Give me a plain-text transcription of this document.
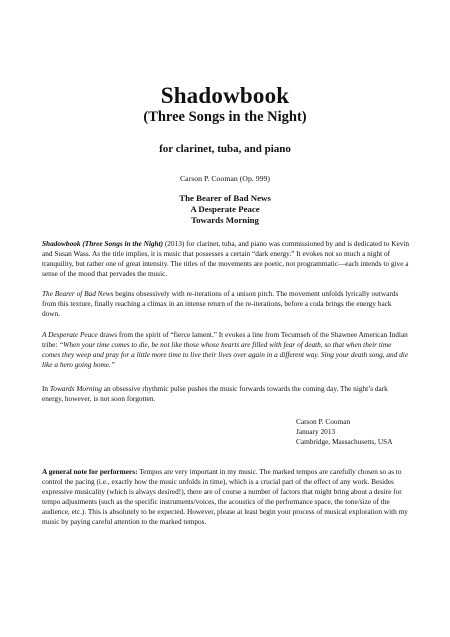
Shadowbook
(Three Songs in the Night)

for clarinet, tuba, and piano

Carson P. Cooman (Op. 999)

The Bearer of Bad News
A Desperate Peace
Towards Morning

Shadowbook (Three Songs in the Night) (2013) for clarinet, tuba, and piano was commissioned by and is dedicated to Kevin and Susan Wass. As the title implies, it is music that possesses a certain “dark energy.” It evokes not so much a night of tranquility, but rather one of great intensity. The titles of the movements are poetic, not programmatic—each intends to give a sense of the mood that pervades the music.

The Bearer of Bad News begins obsessively with re-iterations of a unison pitch. The movement unfolds lyrically outwards from this texture, finally reaching a climax in an intense return of the re-iterations, before a coda brings the energy back down.

A Desperate Peace draws from the spirit of “fierce lament.” It evokes a line from Tecumseh of the Shawnee American Indian tribe: “When your time comes to die, be not like those whose hearts are filled with fear of death, so that when their time comes they weep and pray for a little more time to live their lives over again in a different way. Sing your death song, and die like a hero going home.”

In Towards Morning an obsessive rhythmic pulse pushes the music forwards towards the coming day. The night’s dark energy, however, is not soon forgotten.

Carson P. Cooman
January 2013
Cambridge, Massachusetts, USA

A general note for performers: Tempos are very important in my music. The marked tempos are carefully chosen so as to control the pacing (i.e., exactly how the music unfolds in time), which is a crucial part of the effect of any work. Besides expressive musicality (which is always desired!), there are of course a number of factors that might bring about a desire for tempo adjustments (such as the specific instruments/voices, the acoustics of the performance space, the tone/size of the audience, etc.). This is absolutely to be expected. However, please at least begin your process of musical exploration with my music by paying careful attention to the marked tempos.
